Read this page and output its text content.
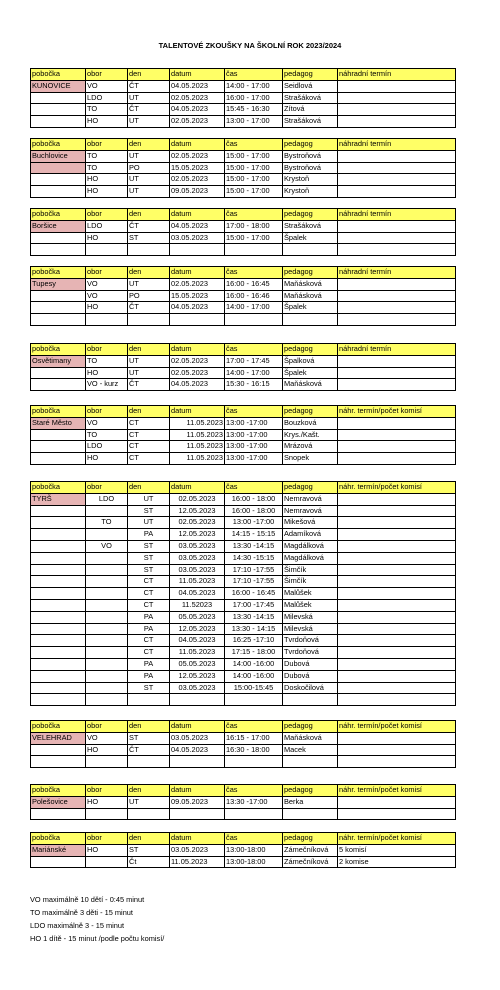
TALENTOVÉ ZKOUŠKY NA ŠKOLNÍ ROK 2023/2024
pobočka	obor	den	datum	čas	pedagog	náhradní termín
KUNOVICE	VO	ČT	04.05.2023	14:00 - 17:00	Seidlová	
	LDO	UT	02.05.2023	16:00 - 17:00	Strašáková	
	TO	ČT	04.05.2023	15:45 - 16:30	Zítová	
	HO	UT	02.05.2023	13:00 - 17:00	Strašáková	
pobočka	obor	den	datum	čas	pedagog	náhradní termín
Buchlovice	TO	UT	02.05.2023	15:00 - 17:00	Bystroňová	
	TO	PO	15.05.2023	15:00 - 17:00	Bystroňová	
	HO	UT	02.05.2023	15:00 - 17:00	Krystoň	
	HO	UT	09.05.2023	15:00 - 17:00	Krystoň	
pobočka	obor	den	datum	čas	pedagog	náhradní termín
Boršice	LDO	ČT	04.05.2023	17:00 - 18:00	Strašáková	
	HO	ST	03.05.2023	15:00 - 17:00	Špalek	

pobočka	obor	den	datum	čas	pedagog	náhradní termín
Tupesy	VO	UT	02.05.2023	16:00 - 16:45	Maňásková	
	VO	PO	15.05.2023	16:00 - 16:46	Maňásková	
	HO	ČT	04.05.2023	14:00 - 17:00	Špalek	

pobočka	obor	den	datum	čas	pedagog	náhradní termín
Osvětimany	TO	UT	02.05.2023	17:00 - 17:45	Špalková	
	HO	UT	02.05.2023	14:00 - 17:00	Špalek	
	VO - kurz	ČT	04.05.2023	15:30 - 16:15	Maňásková	
pobočka	obor	den	datum	čas	pedagog	náhr. termín/počet komisí
Staré Město	VO	CT	11.05.2023	13:00 -17:00	Bouzková	
	TO	CT	11.05.2023	13:00 -17:00	Krys./Kašt.	
	LDO	CT	11.05.2023	13:00 -17:00	Mrázová	
	HO	CT	11.05.2023	13:00 -17:00	Snopek	
pobočka	obor	den	datum	čas	pedagog	náhr. termín/počet komisí
TYRŠ	LDO	UT	02.05.2023	16:00 - 18:00	Nemravová	
		ST	12.05.2023	16:00 - 18:00	Nemravová	
	TO	UT	02.05.2023	13:00 -17:00	Mikešová	
		PA	12.05.2023	14:15 - 15:15	Adamíková	
	VO	ST	03.05.2023	13:30 -14:15	Magdálková	
		ST	03.05.2023	14:30 -15:15	Magdálková	
		ST	03.05.2023	17:10 -17:55	Šimčík	
		CT	11.05.2023	17:10 -17:55	Šimčík	
		CT	04.05.2023	16:00 - 16:45	Malůšek	
		CT	11.52023	17:00 -17:45	Malůšek	
		PA	05.05.2023	13:30 -14:15	Milevská	
		PA	12.05.2023	13:30 - 14:15	Milevská	
		CT	04.05.2023	16:25 -17:10	Tvrdoňová	
		CT	11.05.2023	17:15 - 18:00	Tvrdoňová	
		PA	05.05.2023	14:00 -16:00	Dubová	
		PA	12.05.2023	14:00 -16:00	Dubová	
		ST	03.05.2023	15:00-15:45	Doskočilová	

pobočka	obor	den	datum	čas	pedagog	náhr. termín/počet komisí
VELEHRAD	VO	ST	03.05.2023	16:15 - 17:00	Maňásková	
	HO	ČT	04.05.2023	16:30 - 18:00	Macek	

pobočka	obor	den	datum	čas	pedagog	náhr. termín/počet komisí
Polešovice	HO	UT	09.05.2023	13:30 -17:00	Berka	

pobočka	obor	den	datum	čas	pedagog	náhr. termín/počet komisí
Mariánské	HO	ST	03.05.2023	13:00-18:00	Zámečníková	5 komisí
		Čt	11.05.2023	13:00-18:00	Zámečníková	2 komise
VO maximálně 10 dětí - 0:45 minut
TO maximálně 3 děti - 15 minut
LDO maximálně 3 - 15 minut
HO 1 dítě - 15 minut /podle počtu komisí/
